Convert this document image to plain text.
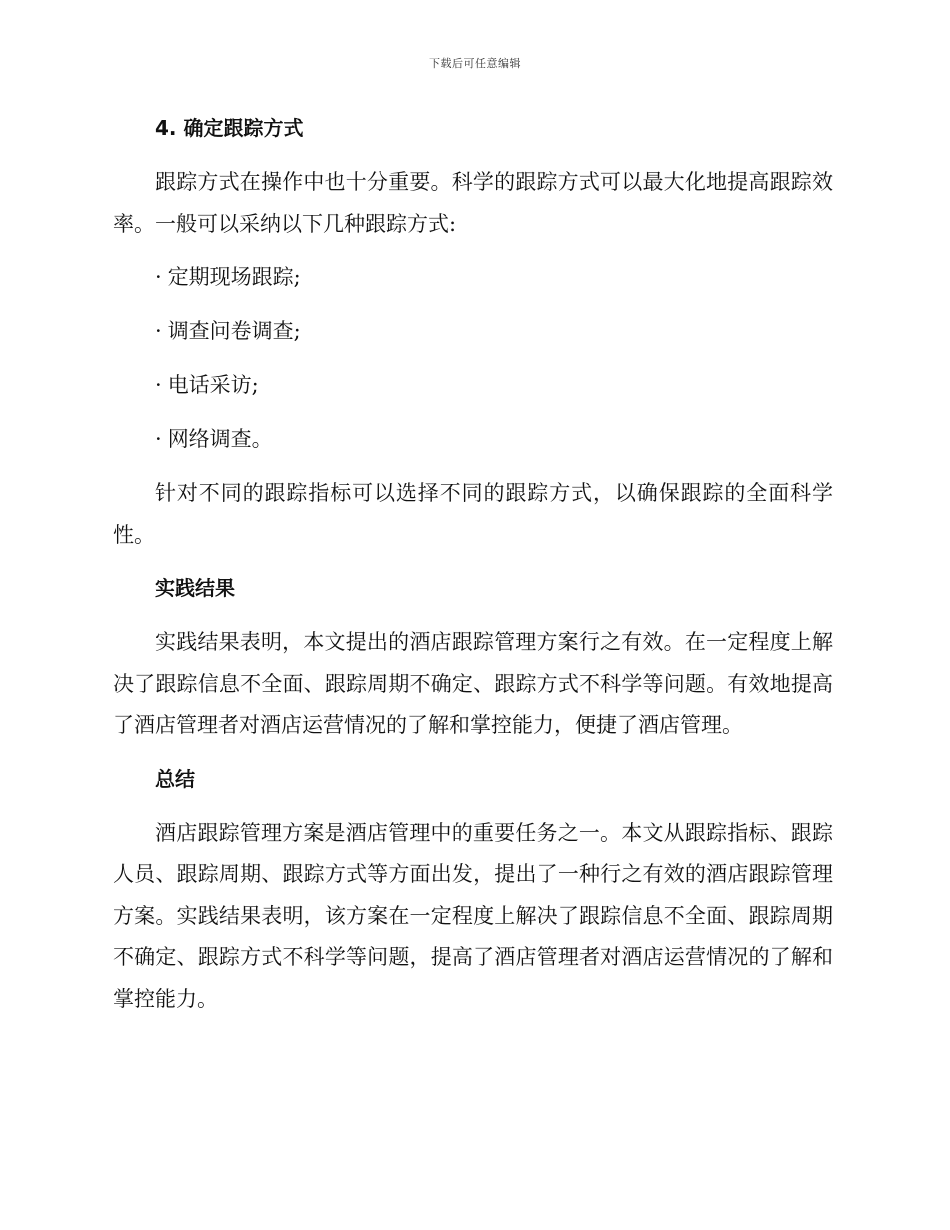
下载后可任意编辑
4. 确定跟踪方式

跟踪方式在操作中也十分重要。科学的跟踪方式可以最大化地提高跟踪效率。一般可以采纳以下几种跟踪方式:

· 定期现场跟踪;
· 调查问卷调查;
· 电话采访;
· 网络调查。

针对不同的跟踪指标可以选择不同的跟踪方式，以确保跟踪的全面科学性。

实践结果

实践结果表明，本文提出的酒店跟踪管理方案行之有效。在一定程度上解决了跟踪信息不全面、跟踪周期不确定、跟踪方式不科学等问题。有效地提高了酒店管理者对酒店运营情况的了解和掌控能力，便捷了酒店管理。

总结

酒店跟踪管理方案是酒店管理中的重要任务之一。本文从跟踪指标、跟踪人员、跟踪周期、跟踪方式等方面出发，提出了一种行之有效的酒店跟踪管理方案。实践结果表明，该方案在一定程度上解决了跟踪信息不全面、跟踪周期不确定、跟踪方式不科学等问题，提高了酒店管理者对酒店运营情况的了解和掌控能力。
